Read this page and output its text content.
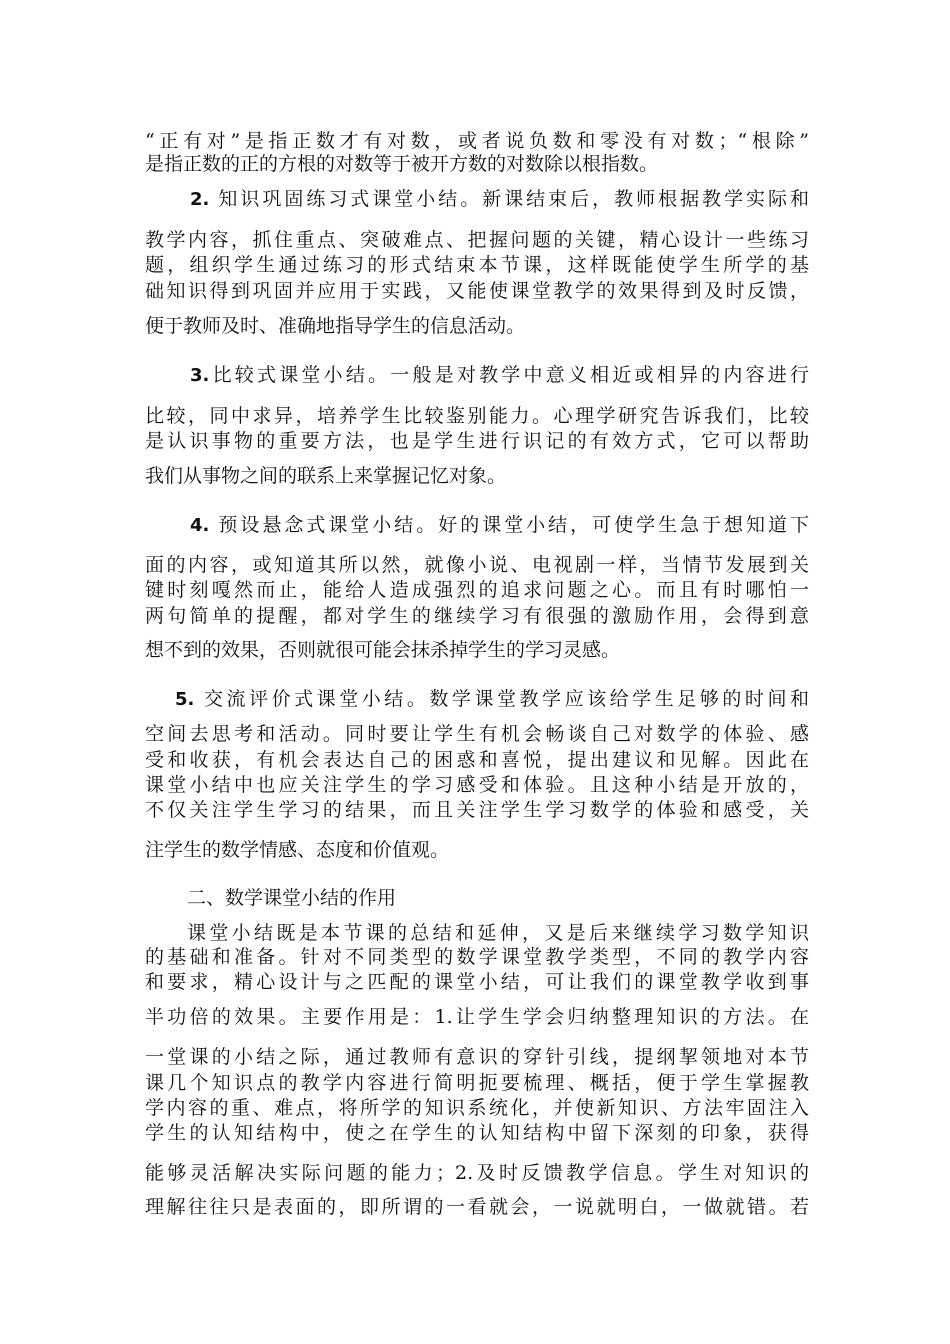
“正有对”是指正数才有对数，或者说负数和零没有对数；“根除”
是指正数的正的方根的对数等于被开方数的对数除以根指数。
2. 知识巩固练习式课堂小结。新课结束后，教师根据教学实际和
教学内容，抓住重点、突破难点、把握问题的关键，精心设计一些练习
题，组织学生通过练习的形式结束本节课，这样既能使学生所学的基
础知识得到巩固并应用于实践，又能使课堂教学的效果得到及时反馈，
便于教师及时、准确地指导学生的信息活动。
3.比较式课堂小结。一般是对教学中意义相近或相异的内容进行
比较，同中求异，培养学生比较鉴别能力。心理学研究告诉我们，比较
是认识事物的重要方法，也是学生进行识记的有效方式，它可以帮助
我们从事物之间的联系上来掌握记忆对象。
4. 预设悬念式课堂小结。好的课堂小结，可使学生急于想知道下
面的内容，或知道其所以然，就像小说、电视剧一样，当情节发展到关
键时刻嘎然而止，能给人造成强烈的追求问题之心。而且有时哪怕一
两句简单的提醒，都对学生的继续学习有很强的激励作用，会得到意
想不到的效果，否则就很可能会抹杀掉学生的学习灵感。
5. 交流评价式课堂小结。数学课堂教学应该给学生足够的时间和
空间去思考和活动。同时要让学生有机会畅谈自己对数学的体验、感
受和收获，有机会表达自己的困惑和喜悦，提出建议和见解。因此在
课堂小结中也应关注学生的学习感受和体验。且这种小结是开放的，
不仅关注学生学习的结果，而且关注学生学习数学的体验和感受，关
注学生的数学情感、态度和价值观。
二、数学课堂小结的作用
课堂小结既是本节课的总结和延伸，又是后来继续学习数学知识
的基础和准备。针对不同类型的数学课堂教学类型，不同的教学内容
和要求，精心设计与之匹配的课堂小结，可让我们的课堂教学收到事
半功倍的效果。主要作用是：1.让学生学会归纳整理知识的方法。在
一堂课的小结之际，通过教师有意识的穿针引线，提纲挈领地对本节
课几个知识点的教学内容进行简明扼要梳理、概括，便于学生掌握教
学内容的重、难点，将所学的知识系统化，并使新知识、方法牢固注入
学生的认知结构中，使之在学生的认知结构中留下深刻的印象，获得
能够灵活解决实际问题的能力；2.及时反馈教学信息。学生对知识的
理解往往只是表面的，即所谓的一看就会，一说就明白，一做就错。若
